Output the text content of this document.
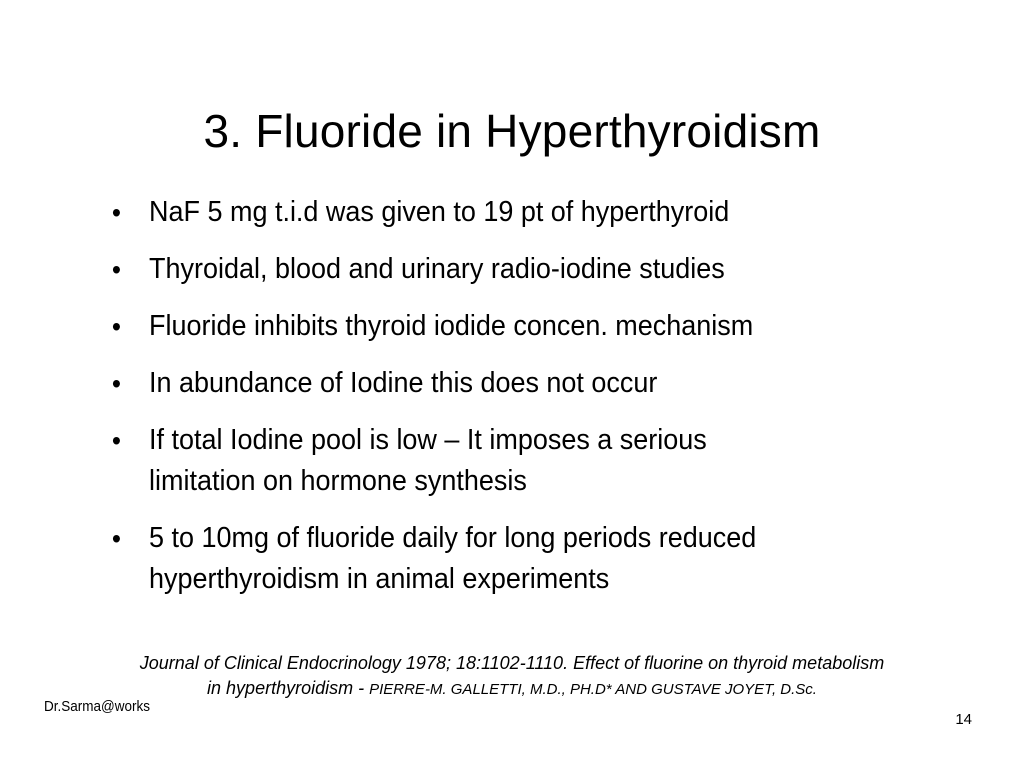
3. Fluoride in Hyperthyroidism
• NaF 5 mg t.i.d was given to 19 pt of hyperthyroid
• Thyroidal, blood and urinary radio-iodine studies
• Fluoride inhibits thyroid iodide concen. mechanism
• In abundance of Iodine this does not occur
• If total Iodine pool is low – It imposes a serious
limitation on hormone synthesis
• 5 to 10mg of fluoride daily for long periods reduced
hyperthyroidism in animal experiments
Journal of Clinical Endocrinology 1978; 18:1102-1110. Effect of fluorine on thyroid metabolism
in hyperthyroidism - PIERRE-M. GALLETTI, M.D., PH.D* AND GUSTAVE JOYET, D.Sc.
Dr.Sarma@works
14
